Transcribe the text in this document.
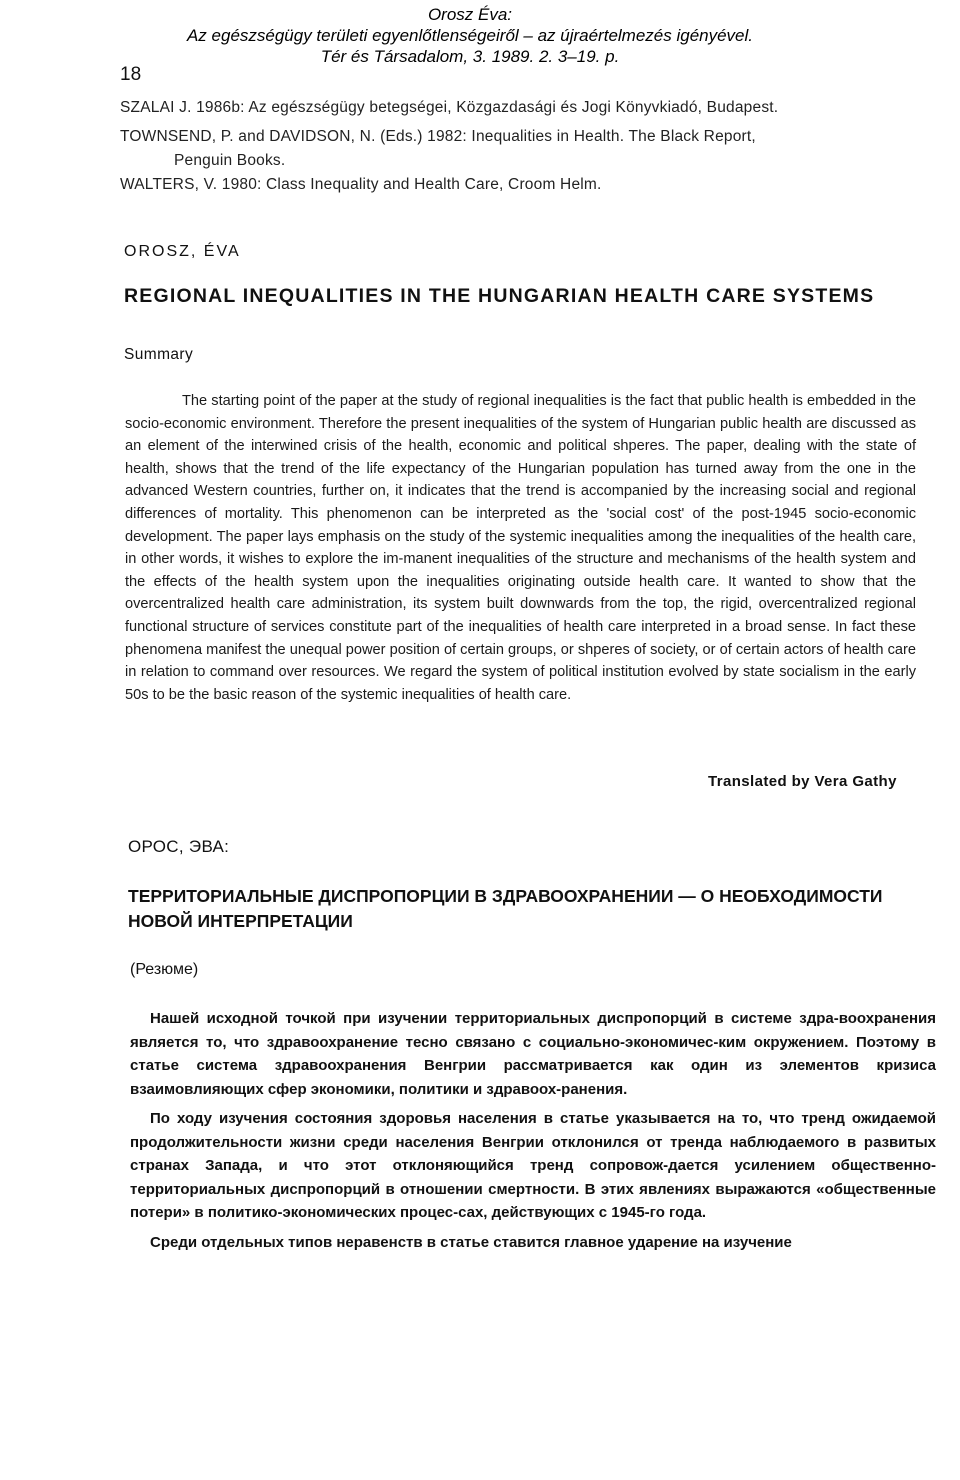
Orosz Éva:
Az egészségügy területi egyenlőtlenségeiről – az újraértelmezés igényével.
Tér és Társadalom, 3. 1989. 2. 3–19. p.
18
SZALAI J. 1986b: Az egészségügy betegségei, Közgazdasági és Jogi Könyvkiadó, Budapest.
TOWNSEND, P. and DAVIDSON, N. (Eds.) 1982: Inequalities in Health. The Black Report,
Penguin Books.
WALTERS, V. 1980: Class Inequality and Health Care, Croom Helm.
OROSZ, ÉVA
REGIONAL INEQUALITIES IN THE HUNGARIAN HEALTH CARE SYSTEMS
Summary
The starting point of the paper at the study of regional inequalities is the fact that public health is embedded in the socio-economic environment. Therefore the present inequalities of the system of Hungarian public health are discussed as an element of the interwined crisis of the health, economic and political shperes. The paper, dealing with the state of health, shows that the trend of the life expectancy of the Hungarian population has turned away from the one in the advanced Western countries, further on, it indicates that the trend is accompanied by the increasing social and regional differences of mortality. This phenomenon can be interpreted as the 'social cost' of the post-1945 socio-economic development. The paper lays emphasis on the study of the systemic inequalities among the inequalities of the health care, in other words, it wishes to explore the im-manent inequalities of the structure and mechanisms of the health system and the effects of the health system upon the inequalities originating outside health care. It wanted to show that the overcentralized health care administration, its system built downwards from the top, the rigid, overcentralized regional functional structure of services constitute part of the inequalities of health care interpreted in a broad sense. In fact these phenomena manifest the unequal power position of certain groups, or shperes of society, or of certain actors of health care in relation to command over resources. We regard the system of political institution evolved by state socialism in the early 50s to be the basic reason of the systemic inequalities of health care.
Translated by Vera Gathy
ОРОС, ЭВА:
ТЕРРИТОРИАЛЬНЫЕ ДИСПРОПОРЦИИ В ЗДРАВООХРАНЕНИИ — О НЕОБХОДИМОСТИ
НОВОЙ ИНТЕРПРЕТАЦИИ
(Резюме)

Нашей исходной точкой при изучении территориальных диспропорций в системе здра-воохранения является то, что здравоохранение тесно связано с социально-экономичес-ким окружением. Поэтому в статье система здравоохранения Венгрии рассматривается как один из элементов кризиса взаимовлияющих сфер экономики, политики и здравоох-ранения.

По ходу изучения состояния здоровья населения в статье указывается на то, что тренд ожидаемой продолжительности жизни среди населения Венгрии отклонился от тренда наблюдаемого в развитых странах Запада, и что этот отклоняющийся тренд сопровож-дается усилением общественно-территориальных диспропорций в отношении смертности. В этих явлениях выражаются «общественные потери» в политико-экономических процес-сах, действующих с 1945-го года.

Среди отдельных типов неравенств в статье ставится главное ударение на изучение
